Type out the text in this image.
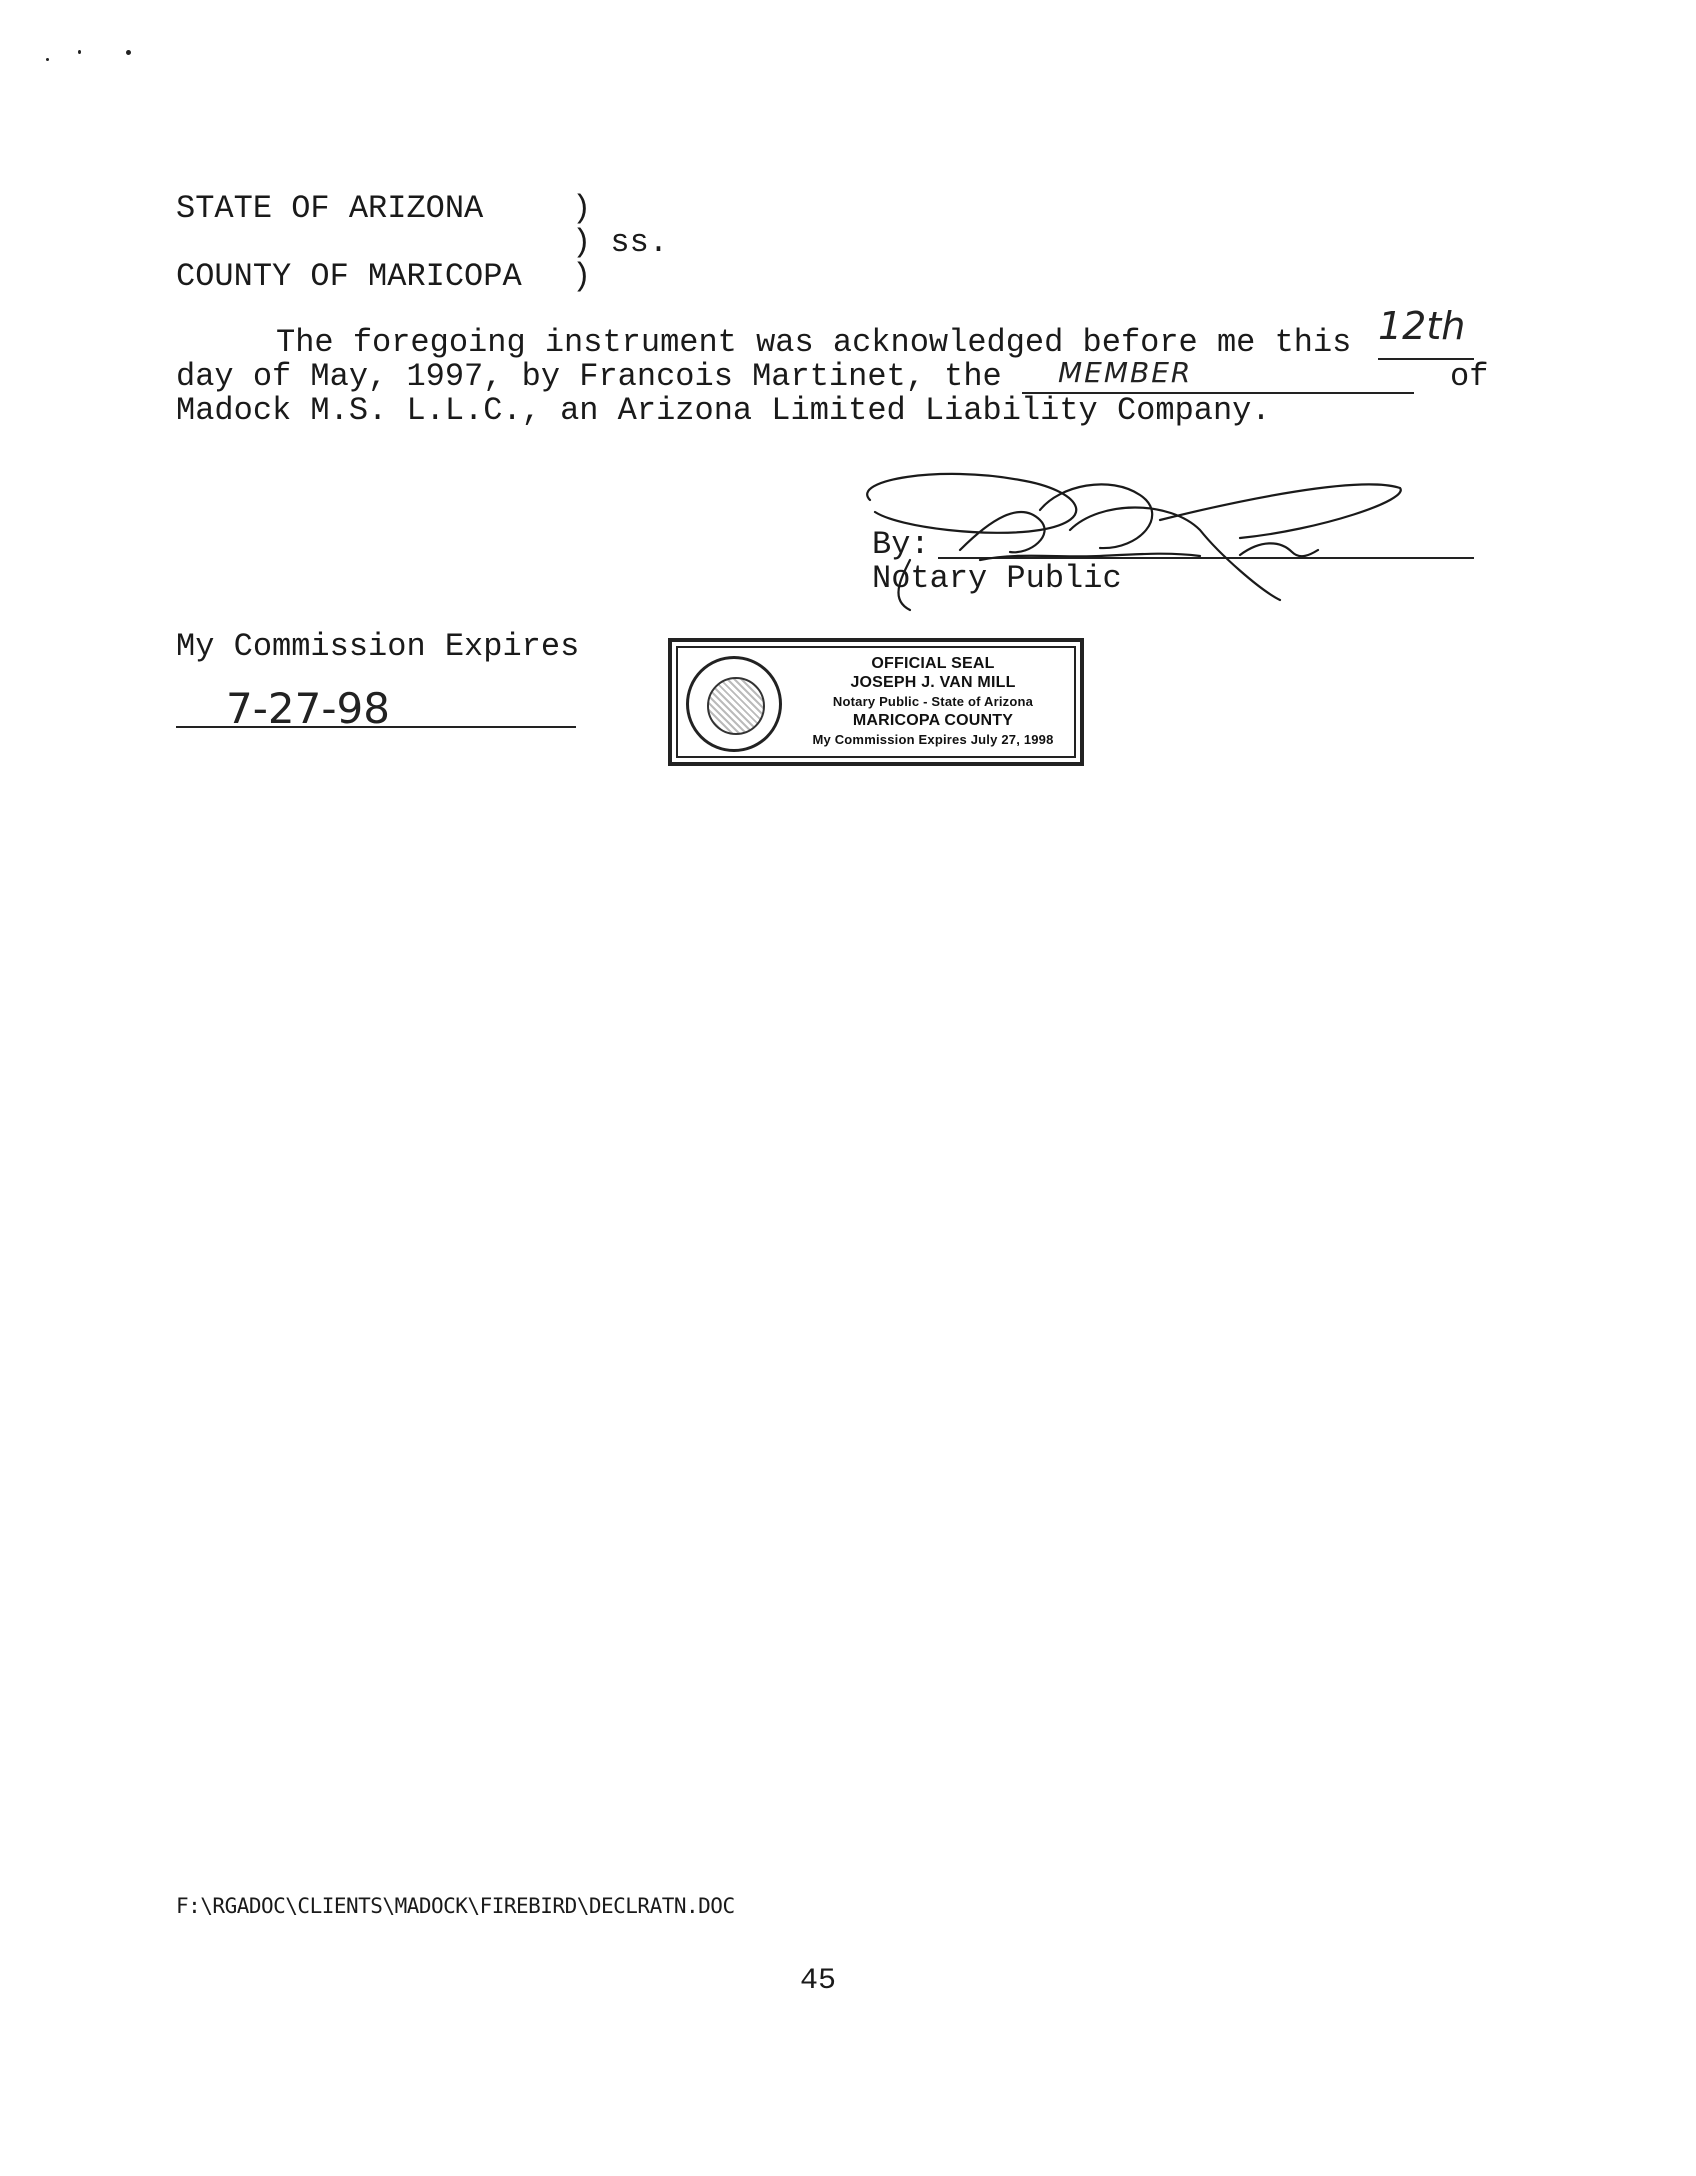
STATE OF ARIZONA	)
) ss.
COUNTY OF MARICOPA )
The foregoing instrument was acknowledged before me this 12th
day of May, 1997, by Francois Martinet, the MEMBER	of
Madock M.S. L.L.C., an Arizona Limited Liability Company.
By:
Notary Public
My Commission Expires
7-27-98
OFFICIAL SEAL
JOSEPH J. VAN MILL
Notary Public - State of Arizona
MARICOPA COUNTY
My Commission Expires July 27, 1998
F:\RGADOC\CLIENTS\MADOCK\FIREBIRD\DECLRATN.DOC
45
